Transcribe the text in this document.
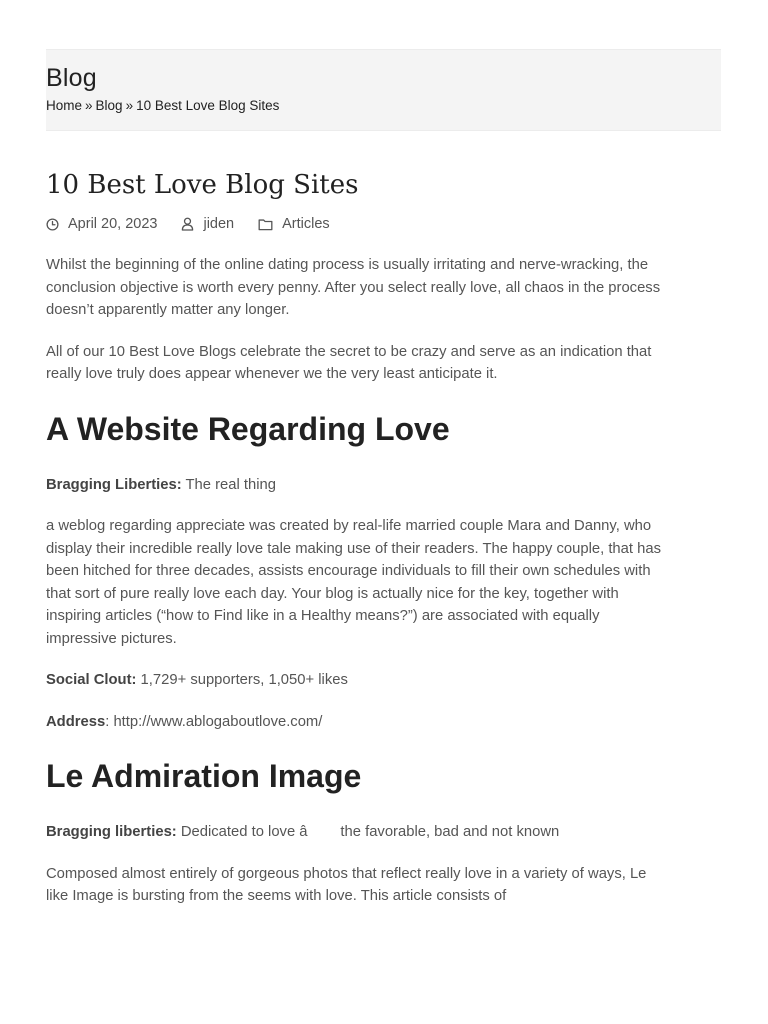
Blog
Home » Blog » 10 Best Love Blog Sites
10 Best Love Blog Sites
April 20, 2023	jiden	Articles

Whilst the beginning of the online dating process is usually irritating and nerve-wracking, the conclusion objective is worth every penny. After you select really love, all chaos in the process doesn’t apparently matter any longer.

All of our 10 Best Love Blogs celebrate the secret to be crazy and serve as an indication that really love truly does appear whenever we the very least anticipate it.

A Website Regarding Love

Bragging Liberties: The real thing

a weblog regarding appreciate was created by real-life married couple Mara and Danny, who display their incredible really love tale making use of their readers. The happy couple, that has been hitched for three decades, assists encourage individuals to fill their own schedules with that sort of pure really love each day. Your blog is actually nice for the key, together with inspiring articles (“how to Find like in a Healthy means?”) are associated with equally impressive pictures.

Social Clout: 1,729+ supporters, 1,050+ likes

Address: http://www.ablogaboutlove.com/

Le Admiration Image

Bragging liberties: Dedicated to love â        the favorable, bad and not known

Composed almost entirely of gorgeous photos that reflect really love in a variety of ways, Le like Image is bursting from the seems with love. This article consists of
